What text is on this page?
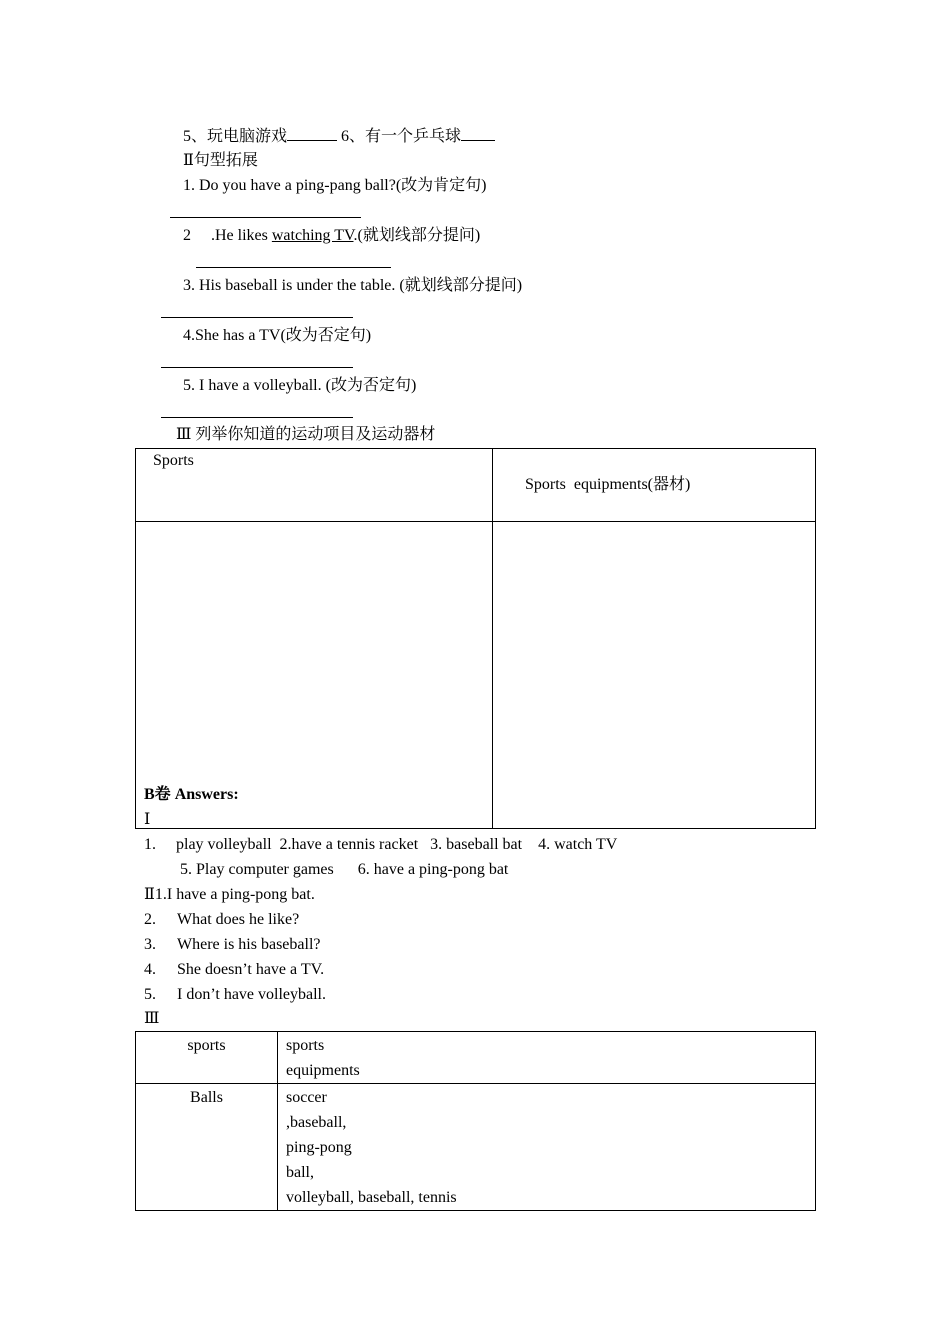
5、玩电脑游戏	6、有一个乒乓球
Ⅱ句型拓展
1. Do you have a ping-pang ball?(改为肯定句)
2 .He likes watching TV.(就划线部分提问)
3. His baseball is under the table. (就划线部分提问)
4.She has a TV(改为否定句)
5. I have a volleyball. (改为否定句)
Ⅲ 列举你知道的运动项目及运动器材
Sports	Sports  equipments(器材)

B卷 Answers:
Ⅰ
1. play volleyball  2.have a tennis racket   3. baseball bat    4. watch TV
5. Play computer games      6. have a ping-pong bat
Ⅱ1.I have a ping-pong bat.
2. What does he like?
3. Where is his baseball?
4. She doesn’t have a TV.
5. I don’t have volleyball.
Ⅲ
sports	sports
equipments

Balls	soccer
,baseball,
ping-pong
ball,
volleyball, baseball, tennis
